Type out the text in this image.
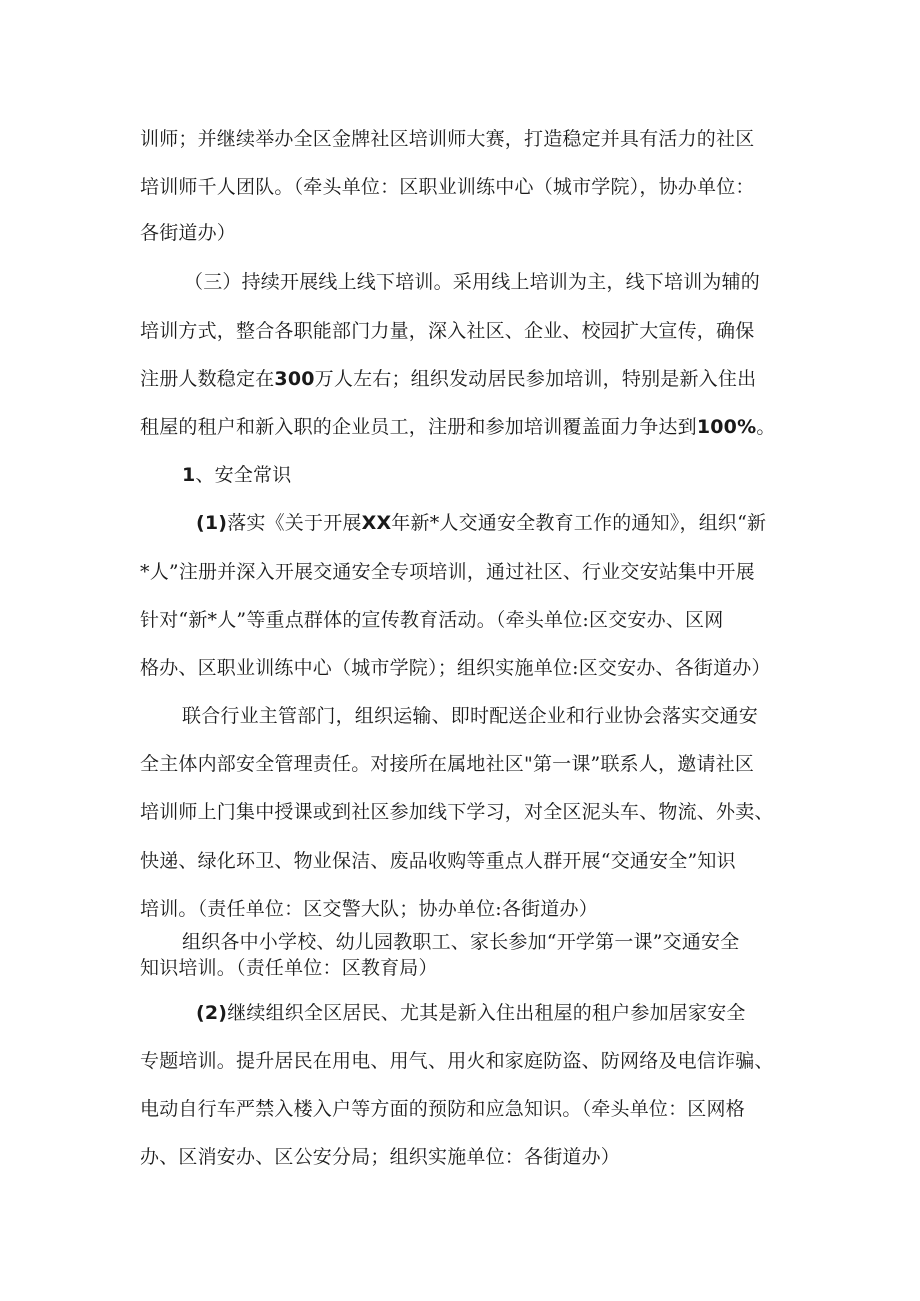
训师；并继续举办全区金牌社区培训师大赛，打造稳定并具有活力的社区
培训师千人团队。（牵头单位：区职业训练中心（城市学院），协办单位：
各街道办）
（三）持续开展线上线下培训。采用线上培训为主，线下培训为辅的
培训方式，整合各职能部门力量，深入社区、企业、校园扩大宣传，确保
注册人数稳定在300万人左右；组织发动居民参加培训，特别是新入住出
租屋的租户和新入职的企业员工，注册和参加培训覆盖面力争达到100%。
1、安全常识
(1)落实《关于开展XX年新*人交通安全教育工作的通知》，组织“新
*人”注册并深入开展交通安全专项培训，通过社区、行业交安站集中开展
针对“新*人”等重点群体的宣传教育活动。（牵头单位:区交安办、区网
格办、区职业训练中心（城市学院）；组织实施单位:区交安办、各街道办）
联合行业主管部门，组织运输、即时配送企业和行业协会落实交通安
全主体内部安全管理责任。对接所在属地社区"第一课”联系人，邀请社区
培训师上门集中授课或到社区参加线下学习，对全区泥头车、物流、外卖、
快递、绿化环卫、物业保洁、废品收购等重点人群开展“交通安全”知识
培训。（责任单位：区交警大队；协办单位:各街道办）
组织各中小学校、幼儿园教职工、家长参加“开学第一课”交通安全
知识培训。（责任单位：区教育局）
(2)继续组织全区居民、尤其是新入住出租屋的租户参加居家安全
专题培训。提升居民在用电、用气、用火和家庭防盗、防网络及电信诈骗、
电动自行车严禁入楼入户等方面的预防和应急知识。（牵头单位：区网格
办、区消安办、区公安分局；组织实施单位：各街道办）
